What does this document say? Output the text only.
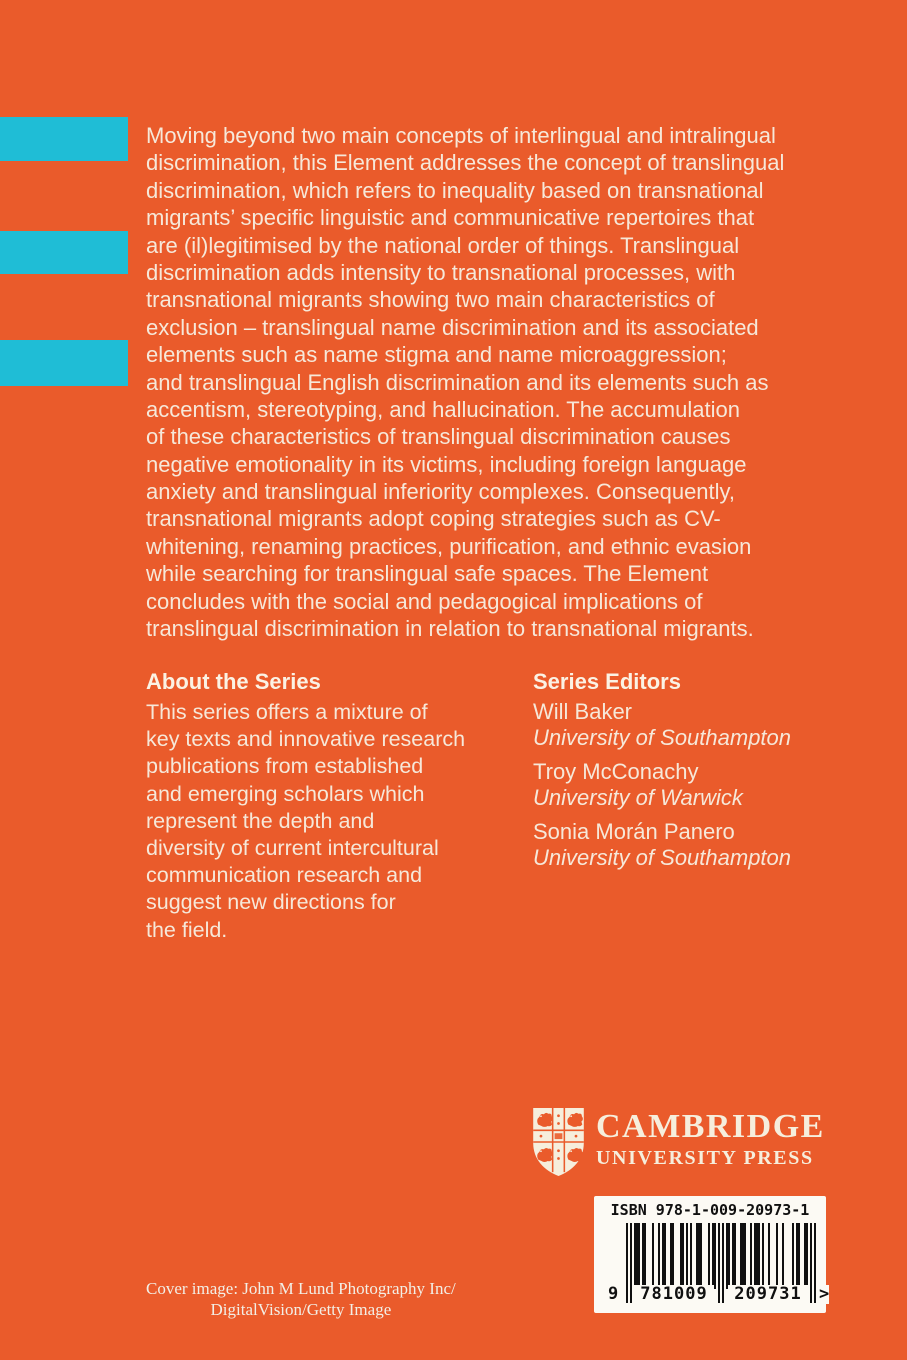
Moving beyond two main concepts of interlingual and intralingual
discrimination, this Element addresses the concept of translingual
discrimination, which refers to inequality based on transnational
migrants’ specific linguistic and communicative repertoires that
are (il)legitimised by the national order of things. Translingual
discrimination adds intensity to transnational processes, with
transnational migrants showing two main characteristics of
exclusion – translingual name discrimination and its associated
elements such as name stigma and name microaggression;
and translingual English discrimination and its elements such as
accentism, stereotyping, and hallucination. The accumulation
of these characteristics of translingual discrimination causes
negative emotionality in its victims, including foreign language
anxiety and translingual inferiority complexes. Consequently,
transnational migrants adopt coping strategies such as CV-
whitening, renaming practices, purification, and ethnic evasion
while searching for translingual safe spaces. The Element
concludes with the social and pedagogical implications of
translingual discrimination in relation to transnational migrants.
About the Series
This series offers a mixture of
key texts and innovative research
publications from established
and emerging scholars which
represent the depth and
diversity of current intercultural
communication research and
suggest new directions for
the field.
Series Editors
Will Baker
University of Southampton
Troy McConachy
University of Warwick
Sonia Morán Panero
University of Southampton
CAMBRIDGE
UNIVERSITY PRESS
ISBN 978-1-009-20973-1
9	781009	209731	>
Cover image: John M Lund Photography Inc/
DigitalVision/Getty Image
